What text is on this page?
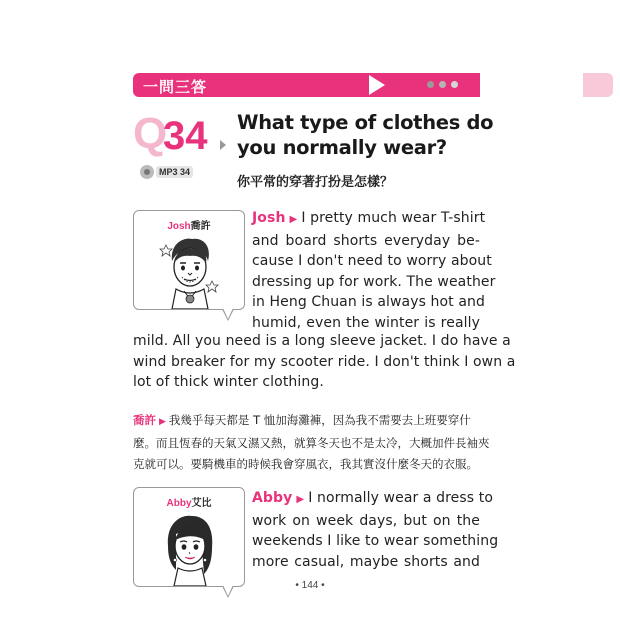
一問三答
Q
34
MP3 34
What type of clothes do
you normally wear?
你平常的穿著打扮是怎樣？
Josh喬許
Josh ▶ I pretty much wear T-shirt
and board shorts everyday be-
cause I don't need to worry about
dressing up for work. The weather
in Heng Chuan is always hot and
humid, even the winter is really
mild. All you need is a long sleeve jacket. I do have a
wind breaker for my scooter ride. I don't think I own a
lot of thick winter clothing.
喬許 ▶ 我幾乎每天都是 T 恤加海灘褲，因為我不需要去上班要穿什
麼。而且恆春的天氣又濕又熱，就算冬天也不是太冷，大概加件長袖夾
克就可以。要騎機車的時候我會穿風衣，我其實沒什麼冬天的衣服。
Abby艾比	Abby ▶ I normally wear a dress to
work on week days, but on the
weekends I like to wear something
more casual, maybe shorts and
• 144 •
